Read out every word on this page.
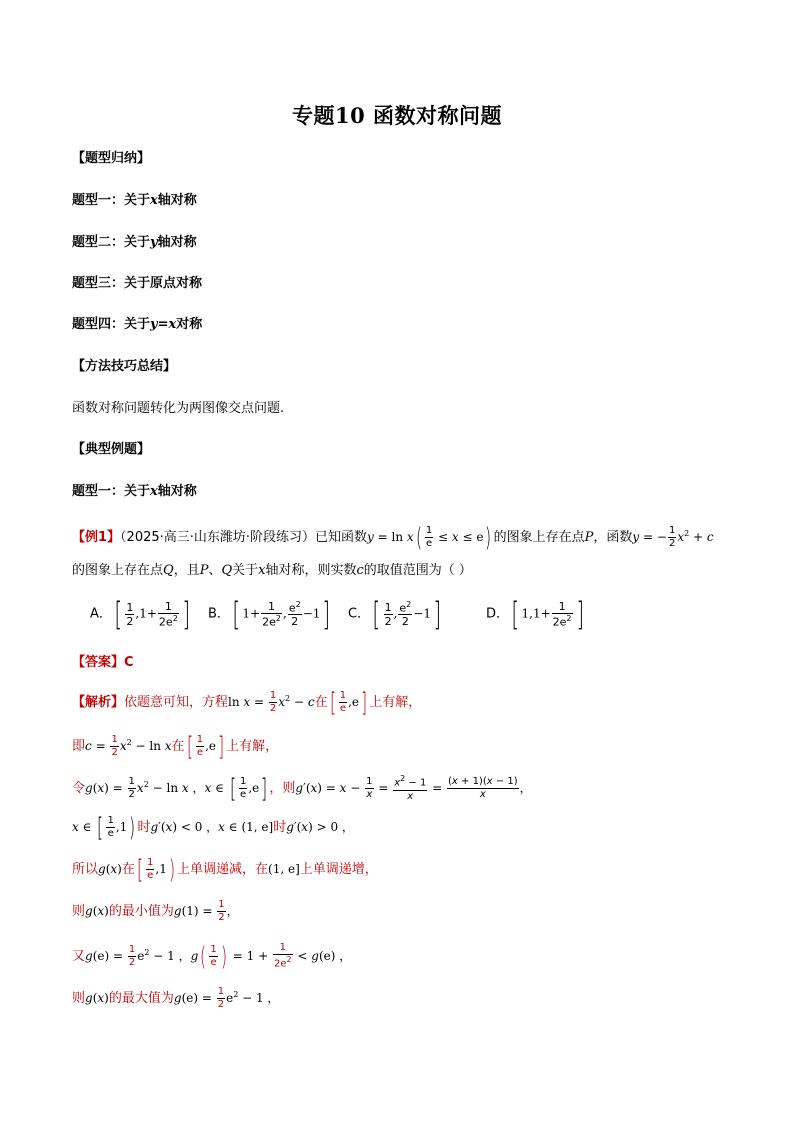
专题10 函数对称问题
【题型归纳】
题型一：关于x轴对称
题型二：关于y轴对称
题型三：关于原点对称
题型四：关于y=x对称
【方法技巧总结】
函数对称问题转化为两图像交点问题.
【典型例题】
题型一：关于x轴对称
【例1】（2025·高三·山东潍坊·阶段练习）已知函数$y = \ln x( \frac{1}{e} \le x \le e)$ 的图象上存在点P，函数y = − $\frac{1}{2} x^2 + c$
的图象上存在点Q，且P、Q关于x轴对称，则实数c的取值范围为（ ）
A．[ $\frac{1}{2} ,1+ \frac{1}{2e^2}$ ] B．[ $1+ \frac{1}{2e^2}$ , $\frac{e^2}{2} -1$] C．[ $\frac{1}{2}$ , $\frac{e^2}{2} -1$]	D．[ $1,1+ \frac{1}{2e^2}$ ]
【答案】C
【解析】依题意可知，方程$\ln x = \frac{1}{2} x^2 - c$在[ $\frac{1}{e} ,e$] 上有解，
即$c = \frac{1}{2} x^2 - \ln x$在[ $\frac{1}{e} ,e$] 上有解，
令$g(x) = \frac{1}{2} x^2 - \ln x$ ，x ∈ [ $\frac{1}{e} ,e$] ，则$g'(x) = x - \frac{1}{x} = \frac{x^2 - 1}{x} = \frac{(x + 1)(x - 1)}{x}$ ，
x ∈ [ $\frac{1}{e} ,1$) 时g′(x) < 0 ，x ∈ (1, e]时g′(x) > 0 ，
所以g(x)在[ $\frac{1}{e} ,1$) 上单调递减，在(1, e]上单调递增，
则g(x)的最小值为$g(1) = \frac{1}{2}$ ，
又$g(e) = \frac{1}{2} e^2 - 1$ ，$g( \frac{1}{e}$ ) = $1 + \frac{1}{2e^2} < g(e)$ ，
则g(x)的最大值为$g(e) = \frac{1}{2} e^2 - 1$ ，
